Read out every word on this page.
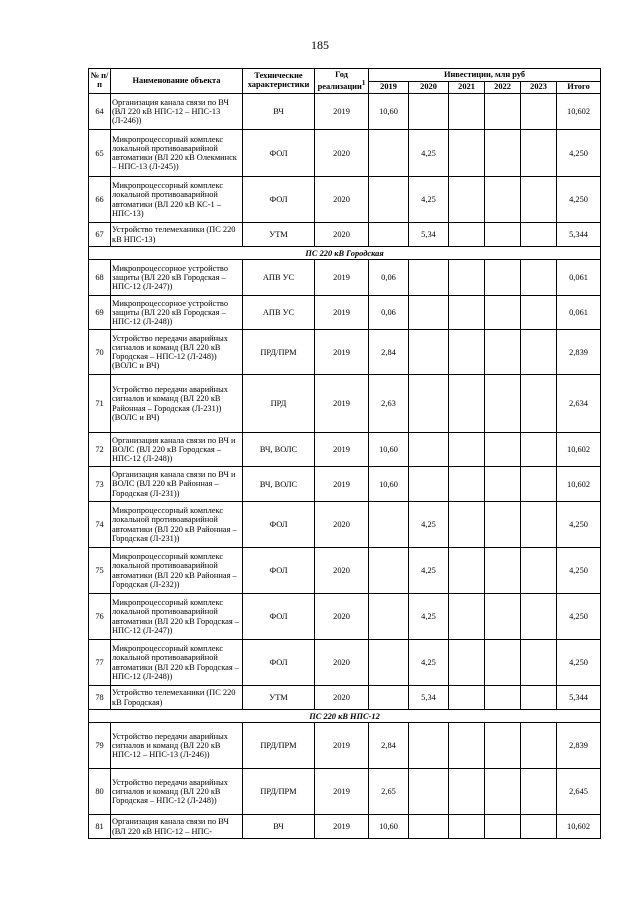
185
№ п/п	Наименование объекта	Технические характеристики	Год реализации$^1$	Инвестиции, млн руб					
				2019	2020	2021	2022	2023	Итого
64	Организация канала связи по ВЧ (ВЛ 220 кВ НПС-12 – НПС-13 (Л-246))	ВЧ	2019	10,60					10,602
65	Микропроцессорный комплекс локальной противоаварийной автоматики (ВЛ 220 кВ Олекминск – НПС-13 (Л-245))	ФОЛ	2020		4,25				4,250
66	Микропроцессорный комплекс локальной противоаварийной автоматики (ВЛ 220 кВ КС-1 – НПС-13)	ФОЛ	2020		4,25				4,250
67	Устройство телемеханики (ПС 220 кВ НПС-13)	УТМ	2020		5,34				5,344
ПС 220 кВ Городская									
68	Микропроцессорное устройство защиты (ВЛ 220 кВ Городская – НПС-12 (Л-247))	АПВ УС	2019	0,06					0,061
69	Микропроцессорное устройство защиты (ВЛ 220 кВ Городская – НПС-12 (Л-248))	АПВ УС	2019	0,06					0,061
70	Устройство передачи аварийных сигналов и команд (ВЛ 220 кВ Городская – НПС-12 (Л-248)) (ВОЛС и ВЧ)	ПРД/ПРМ	2019	2,84					2,839
71	Устройство передачи аварийных сигналов и команд (ВЛ 220 кВ Районная – Городская (Л-231)) (ВОЛС и ВЧ)	ПРД	2019	2,63					2,634
72	Организация канала связи по ВЧ и ВОЛС (ВЛ 220 кВ Городская – НПС-12 (Л-248))	ВЧ, ВОЛС	2019	10,60					10,602
73	Организация канала связи по ВЧ и ВОЛС (ВЛ 220 кВ Районная – Городская (Л-231))	ВЧ, ВОЛС	2019	10,60					10,602
74	Микропроцессорный комплекс локальной противоаварийной автоматики (ВЛ 220 кВ Районная – Городская (Л-231))	ФОЛ	2020		4,25				4,250
75	Микропроцессорный комплекс локальной противоаварийной автоматики (ВЛ 220 кВ Районная – Городская (Л-232))	ФОЛ	2020		4,25				4,250
76	Микропроцессорный комплекс локальной противоаварийной автоматики (ВЛ 220 кВ Городская – НПС-12 (Л-247))	ФОЛ	2020		4,25				4,250
77	Микропроцессорный комплекс локальной противоаварийной автоматики (ВЛ 220 кВ Городская – НПС-12 (Л-248))	ФОЛ	2020		4,25				4,250
78	Устройство телемеханики (ПС 220 кВ Городская)	УТМ	2020		5,34				5,344
ПС 220 кВ НПС-12									
79	Устройство передачи аварийных сигналов и команд (ВЛ 220 кВ НПС-12 – НПС-13 (Л-246))	ПРД/ПРМ	2019	2,84					2,839
80	Устройство передачи аварийных сигналов и команд (ВЛ 220 кВ Городская – НПС-12 (Л-248))	ПРД/ПРМ	2019	2,65					2,645
81	Организация канала связи по ВЧ (ВЛ 220 кВ НПС-12 – НПС-	ВЧ	2019	10,60					10,602
